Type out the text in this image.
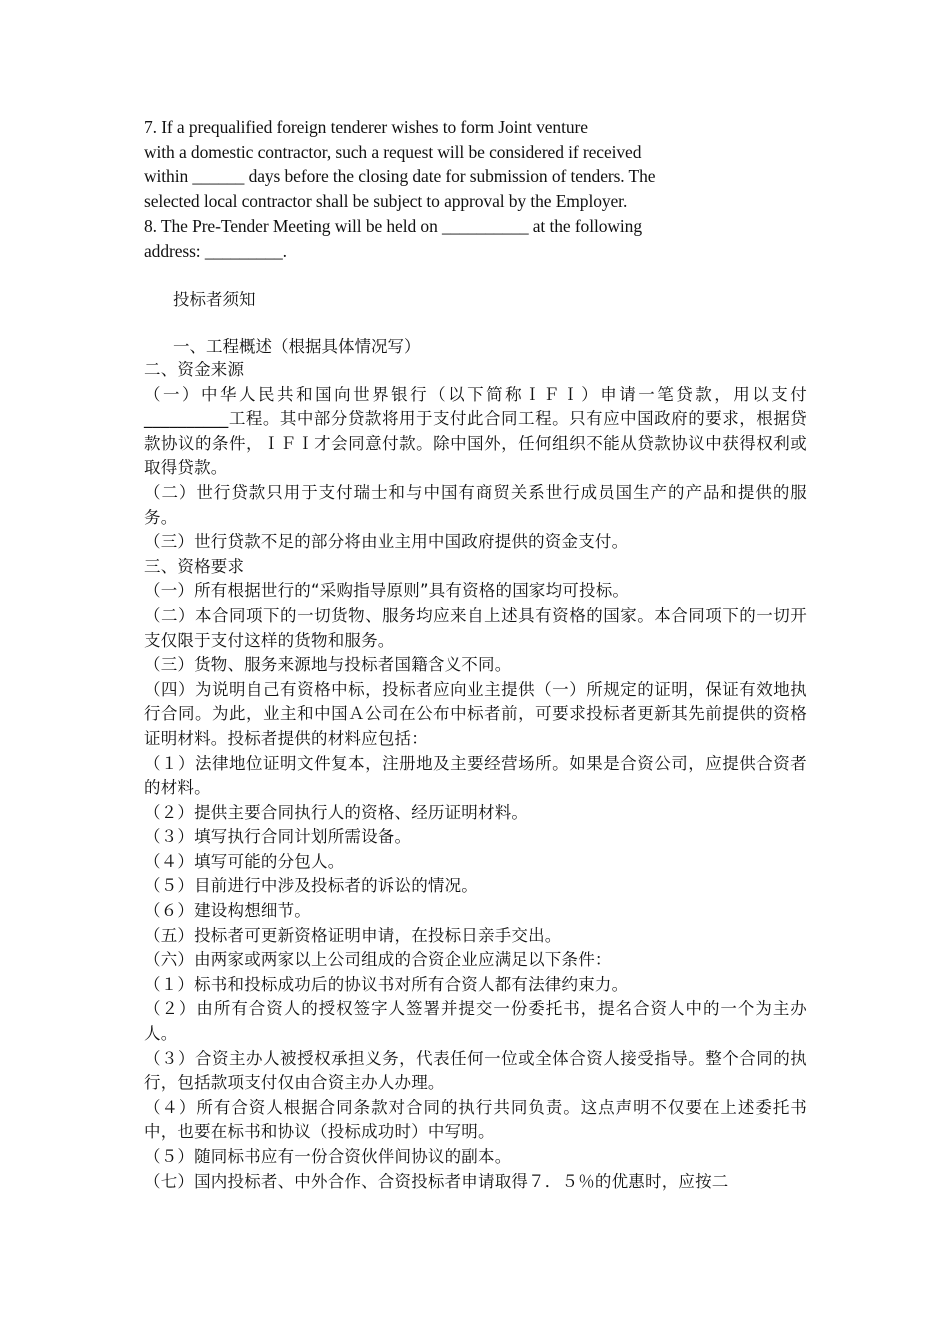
7. If a prequalified foreign tenderer wishes to form Joint venture
with a domestic contractor, such a request will be considered if received
within ______ days before the closing date for submission of tenders. The
selected local contractor shall be subject to approval by the Employer.
8. The Pre-Tender Meeting will be held on __________ at the following
address: _________.
投标者须知
一、工程概述（根据具体情况写）

二、资金来源

（一）中华人民共和国向世界银行（以下简称ＩＦＩ）申请一笔贷款，用以支付__________工程。其中部分贷款将用于支付此合同工程。只有应中国政府的要求，根据贷款协议的条件，ＩＦＩ才会同意付款。除中国外，任何组织不能从贷款协议中获得权利或取得贷款。

（二）世行贷款只用于支付瑞士和与中国有商贸关系世行成员国生产的产品和提供的服务。

（三）世行贷款不足的部分将由业主用中国政府提供的资金支付。

三、资格要求

（一）所有根据世行的“采购指导原则”具有资格的国家均可投标。

（二）本合同项下的一切货物、服务均应来自上述具有资格的国家。本合同项下的一切开支仅限于支付这样的货物和服务。

（三）货物、服务来源地与投标者国籍含义不同。

（四）为说明自己有资格中标，投标者应向业主提供（一）所规定的证明，保证有效地执行合同。为此，业主和中国Ａ公司在公布中标者前，可要求投标者更新其先前提供的资格证明材料。投标者提供的材料应包括：

（１）法律地位证明文件复本，注册地及主要经营场所。如果是合资公司，应提供合资者的材料。

（２）提供主要合同执行人的资格、经历证明材料。

（３）填写执行合同计划所需设备。

（４）填写可能的分包人。

（５）目前进行中涉及投标者的诉讼的情况。

（６）建设构想细节。

（五）投标者可更新资格证明申请，在投标日亲手交出。

（六）由两家或两家以上公司组成的合资企业应满足以下条件：

（１）标书和投标成功后的协议书对所有合资人都有法律约束力。

（２）由所有合资人的授权签字人签署并提交一份委托书，提名合资人中的一个为主办人。

（３）合资主办人被授权承担义务，代表任何一位或全体合资人接受指导。整个合同的执行，包括款项支付仅由合资主办人办理。

（４）所有合资人根据合同条款对合同的执行共同负责。这点声明不仅要在上述委托书中，也要在标书和协议（投标成功时）中写明。

（５）随同标书应有一份合资伙伴间协议的副本。

（七）国内投标者、中外合作、合资投标者申请取得７．５％的优惠时，应按二
